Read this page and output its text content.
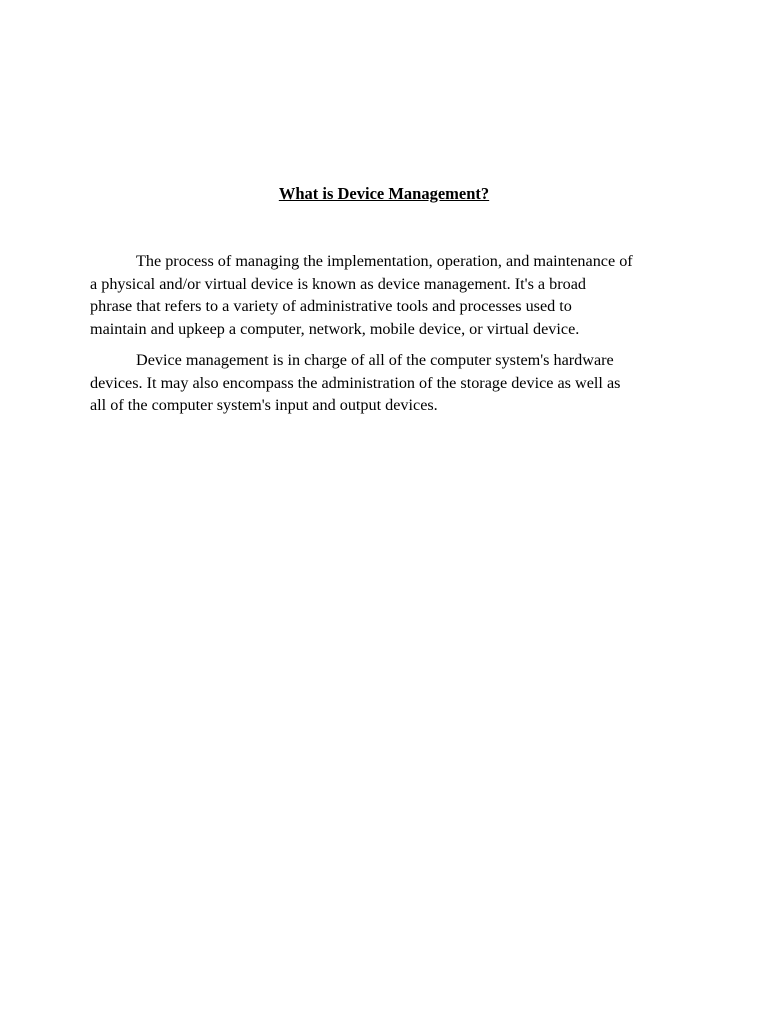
What is Device Management?

The process of managing the implementation, operation, and maintenance of
a physical and/or virtual device is known as device management. It's a broad
phrase that refers to a variety of administrative tools and processes used to
maintain and upkeep a computer, network, mobile device, or virtual device.

Device management is in charge of all of the computer system's hardware
devices. It may also encompass the administration of the storage device as well as
all of the computer system's input and output devices.
